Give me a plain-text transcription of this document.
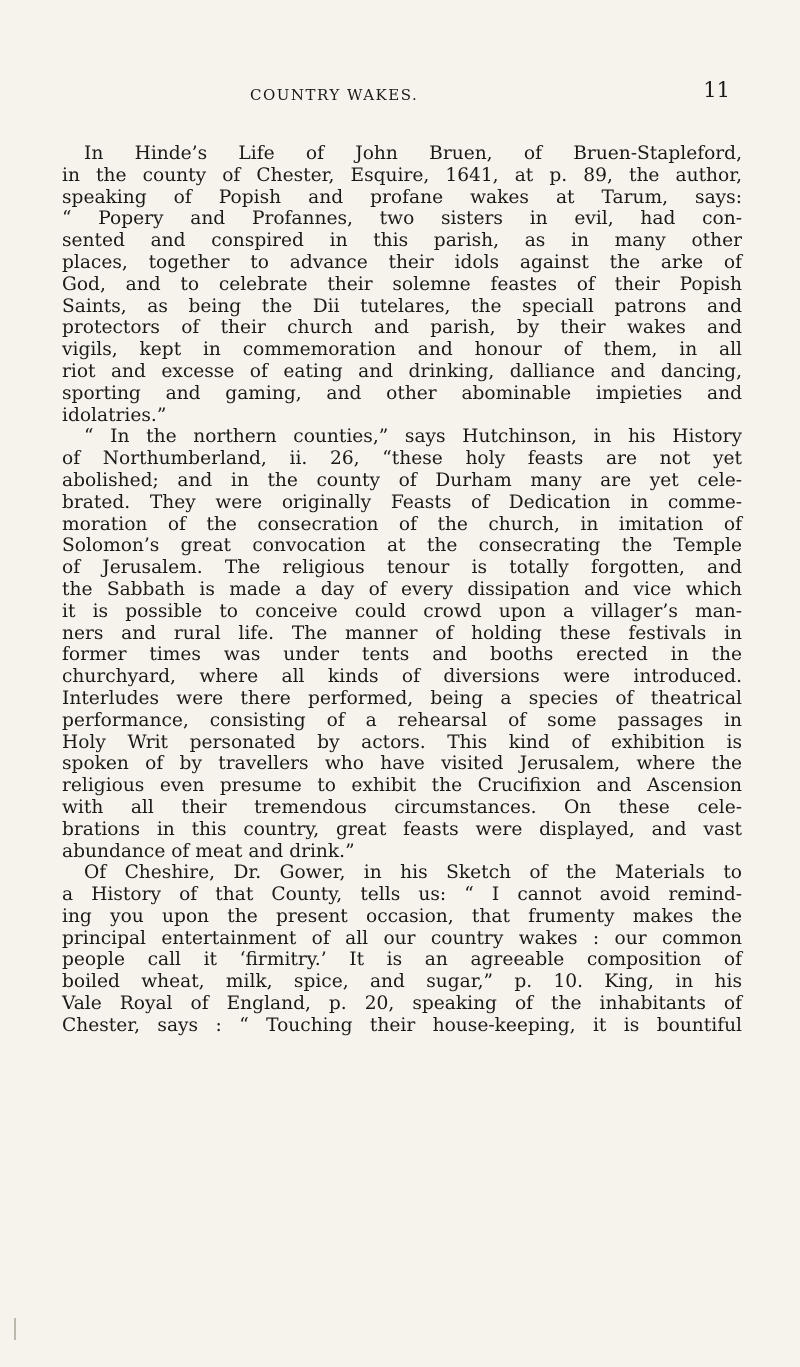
COUNTRY WAKES.	11
In Hinde’s Life of John Bruen, of Bruen-Stapleford,
in the county of Chester, Esquire, 1641, at p. 89, the author,
speaking of Popish and profane wakes at Tarum, says:
“ Popery and Profannes, two sisters in evil, had con-
sented and conspired in this parish, as in many other
places, together to advance their idols against the arke of
God, and to celebrate their solemne feastes of their Popish
Saints, as being the Dii tutelares, the speciall patrons and
protectors of their church and parish, by their wakes and
vigils, kept in commemoration and honour of them, in all
riot and excesse of eating and drinking, dalliance and dancing,
sporting and gaming, and other abominable impieties and
idolatries.”
“ In the northern counties,” says Hutchinson, in his History
of Northumberland, ii. 26, “these holy feasts are not yet
abolished; and in the county of Durham many are yet cele-
brated. They were originally Feasts of Dedication in comme-
moration of the consecration of the church, in imitation of
Solomon’s great convocation at the consecrating the Temple
of Jerusalem. The religious tenour is totally forgotten, and
the Sabbath is made a day of every dissipation and vice which
it is possible to conceive could crowd upon a villager’s man-
ners and rural life. The manner of holding these festivals in
former times was under tents and booths erected in the
churchyard, where all kinds of diversions were introduced.
Interludes were there performed, being a species of theatrical
performance, consisting of a rehearsal of some passages in
Holy Writ personated by actors. This kind of exhibition is
spoken of by travellers who have visited Jerusalem, where the
religious even presume to exhibit the Crucifixion and Ascension
with all their tremendous circumstances. On these cele-
brations in this country, great feasts were displayed, and vast
abundance of meat and drink.”
Of Cheshire, Dr. Gower, in his Sketch of the Materials to
a History of that County, tells us: “ I cannot avoid remind-
ing you upon the present occasion, that frumenty makes the
principal entertainment of all our country wakes : our common
people call it ‘firmitry.’ It is an agreeable composition of
boiled wheat, milk, spice, and sugar,” p. 10. King, in his
Vale Royal of England, p. 20, speaking of the inhabitants of
Chester, says : “ Touching their house-keeping, it is bountiful
